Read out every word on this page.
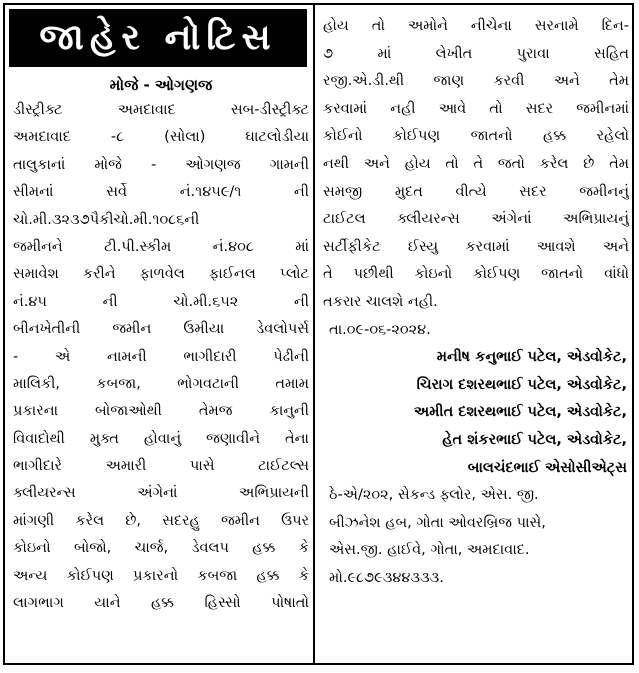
જાહેર નોટિસ
મોજે - ઓગણજ
ડીસ્ટ્રીક્ટ અમદાવાદ સબ-ડીસ્ટ્રીક્ટ
અમદાવાદ -૮ (સોલા) ઘાટલોડીયા
તાલુકાનાં મોજે - ઓગણજ ગામની
સીમનાં સર્વે નં.૧૪૫૯/૧ ની
ચો.મી.૩૨૩૭પૈકીચો.મી.૧૦૮૬ની
જમીનને ટી.પી.સ્કીમ નં.૪૦૮ માં
સમાવેશ કરીને ફાળવેલ ફાઈનલ પ્લોટ
નં.૪૫ ની ચો.મી.૬૫૨ ની
બીનખેતીની જમીન ઉમીયા ડેવલોપર્સ
- એ નામની ભાગીદારી પેઢીની
માલિકી, કબજા, ભોગવટાની તમામ
પ્રકારના બોજાઓથી તેમજ કાનુની
વિવાદોથી મુક્ત હોવાનું જણાવીને તેના
ભાગીદારે અમારી પાસે ટાઈટલ્સ
ક્લીયરન્સ અંગેનાં અભિપ્રાયની
માંગણી કરેલ છે, સદરહુ જમીન ઉપર
કોઇનો બોજો, ચાર્જ, ડેવલપ હક્ક કે
અન્ય કોઈપણ પ્રકારનો કબજા હક્ક કે
લાગભાગ યાને હક્ક હિસ્સો પોષાતો
હોય તો અમોને નીચેના સરનામે દિન-
૭ માં લેખીત પુરાવા સહિત
રજી.એ.ડી.થી જાણ કરવી અને તેમ
કરવામાં નહી આવે તો સદર જમીનમાં
કોઈનો કોઈપણ જાતનો હક્ક રહેલો
નથી અને હોય તો તે જતો કરેલ છે તેમ
સમજી મુદત વીત્યે સદર જમીનનું
ટાઈટલ ક્લીયરન્સ અંગેનાં અભિપ્રાયનું
સર્ટીફીકેટ ઈસ્યુ કરવામાં આવશે અને
તે પછીથી કોઇનો કોઈપણ જાતનો વાંધો
તકરાર ચાલશે નહી.
તા.૦૯-૦૬-૨૦૨૪.
મનીષ કનુભાઈ પટેલ, એડવોકેટ,
ચિરાગ દશરથભાઈ પટેલ, એડવોકેટ,
અમીત દશરથભાઈ પટેલ, એડવોકેટ,
હેત શંકરભાઈ પટેલ, એડવોકેટ,
બાલચંદભાઈ એસોસીએટ્સ
ઠે-એ/૨૦૨, સેકન્ડ ફ્લોર, એસ. જી.
બીઝનેશ હબ, ગોતા ઓવરબ્રિજ પાસે,
એસ.જી. હાઈવે, ગોતા, અમદાવાદ.
મો.૯૮૭૯૩૪૪૩૩૩.
